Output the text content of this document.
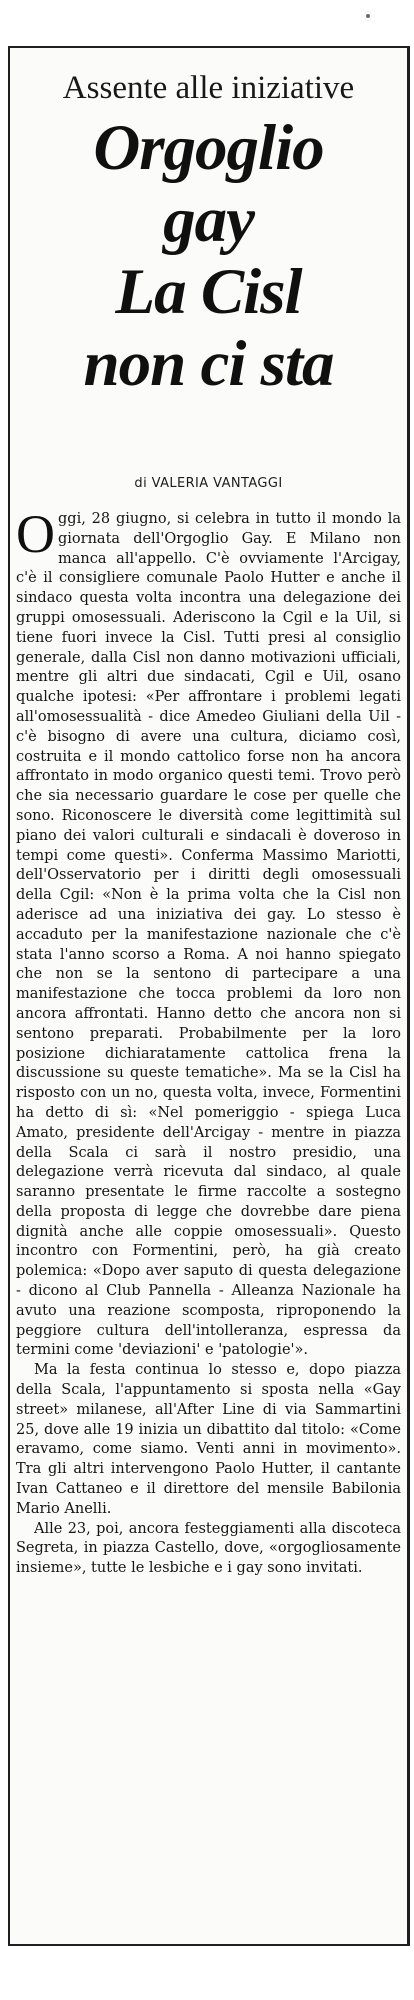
Assente alle iniziative

Orgoglio

gay

La Cisl

non ci sta

di VALERIA VANTAGGI

Oggi, 28 giugno, si celebra in tutto il mondo la giornata dell'Orgoglio Gay. E Milano non manca all'appello. C'è ovviamente l'Arcigay, c'è il consigliere comunale Paolo Hutter e anche il sindaco questa volta incontra una delegazione dei gruppi omosessuali. Aderiscono la Cgil e la Uil, si tiene fuori invece la Cisl. Tutti presi al consiglio generale, dalla Cisl non danno motivazioni ufficiali, mentre gli altri due sindacati, Cgil e Uil, osano qualche ipotesi: «Per affrontare i problemi legati all'omosessualità - dice Amedeo Giuliani della Uil - c'è bisogno di avere una cultura, diciamo così, costruita e il mondo cattolico forse non ha ancora affrontato in modo organico questi temi. Trovo però che sia necessario guardare le cose per quelle che sono. Riconoscere le diversità come legittimità sul piano dei valori culturali e sindacali è doveroso in tempi come questi». Conferma Massimo Mariotti, dell'Osservatorio per i diritti degli omosessuali della Cgil: «Non è la prima volta che la Cisl non aderisce ad una iniziativa dei gay. Lo stesso è accaduto per la manifestazione nazionale che c'è stata l'anno scorso a Roma. A noi hanno spiegato che non se la sentono di partecipare a una manifestazione che tocca problemi da loro non ancora affrontati. Hanno detto che ancora non si sentono preparati. Probabilmente per la loro posizione dichiaratamente cattolica frena la discussione su queste tematiche». Ma se la Cisl ha risposto con un no, questa volta, invece, Formentini ha detto di sì: «Nel pomeriggio - spiega Luca Amato, presidente dell'Arcigay - mentre in piazza della Scala ci sarà il nostro presidio, una delegazione verrà ricevuta dal sindaco, al quale saranno presentate le firme raccolte a sostegno della proposta di legge che dovrebbe dare piena dignità anche alle coppie omosessuali». Questo incontro con Formentini, però, ha già creato polemica: «Dopo aver saputo di questa delegazione - dicono al Club Pannella - Alleanza Nazionale ha avuto una reazione scomposta, riproponendo la peggiore cultura dell'intolleranza, espressa da termini come 'deviazioni' e 'patologie'».

Ma la festa continua lo stesso e, dopo piazza della Scala, l'appuntamento si sposta nella «Gay street» milanese, all'After Line di via Sammartini 25, dove alle 19 inizia un dibattito dal titolo: «Come eravamo, come siamo. Venti anni in movimento». Tra gli altri intervengono Paolo Hutter, il cantante Ivan Cattaneo e il direttore del mensile Babilonia Mario Anelli.

Alle 23, poi, ancora festeggiamenti alla discoteca Segreta, in piazza Castello, dove, «orgogliosamente insieme», tutte le lesbiche e i gay sono invitati.
